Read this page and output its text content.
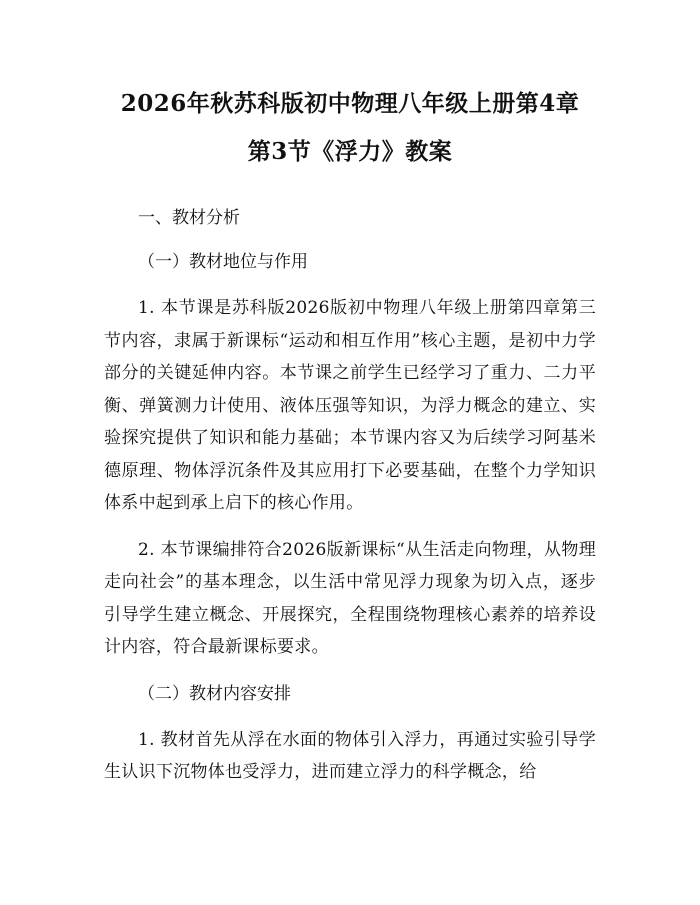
2026年秋苏科版初中物理八年级上册第4章
第3节《浮力》教案

一、教材分析

（一）教材地位与作用

1. 本节课是苏科版2026版初中物理八年级上册第四章第三节内容，隶属于新课标“运动和相互作用”核心主题，是初中力学部分的关键延伸内容。本节课之前学生已经学习了重力、二力平衡、弹簧测力计使用、液体压强等知识，为浮力概念的建立、实验探究提供了知识和能力基础；本节课内容又为后续学习阿基米德原理、物体浮沉条件及其应用打下必要基础，在整个力学知识体系中起到承上启下的核心作用。

2. 本节课编排符合2026版新课标“从生活走向物理，从物理走向社会”的基本理念，以生活中常见浮力现象为切入点，逐步引导学生建立概念、开展探究，全程围绕物理核心素养的培养设计内容，符合最新课标要求。

（二）教材内容安排

1. 教材首先从浮在水面的物体引入浮力，再通过实验引导学生认识下沉物体也受浮力，进而建立浮力的科学概念，给
